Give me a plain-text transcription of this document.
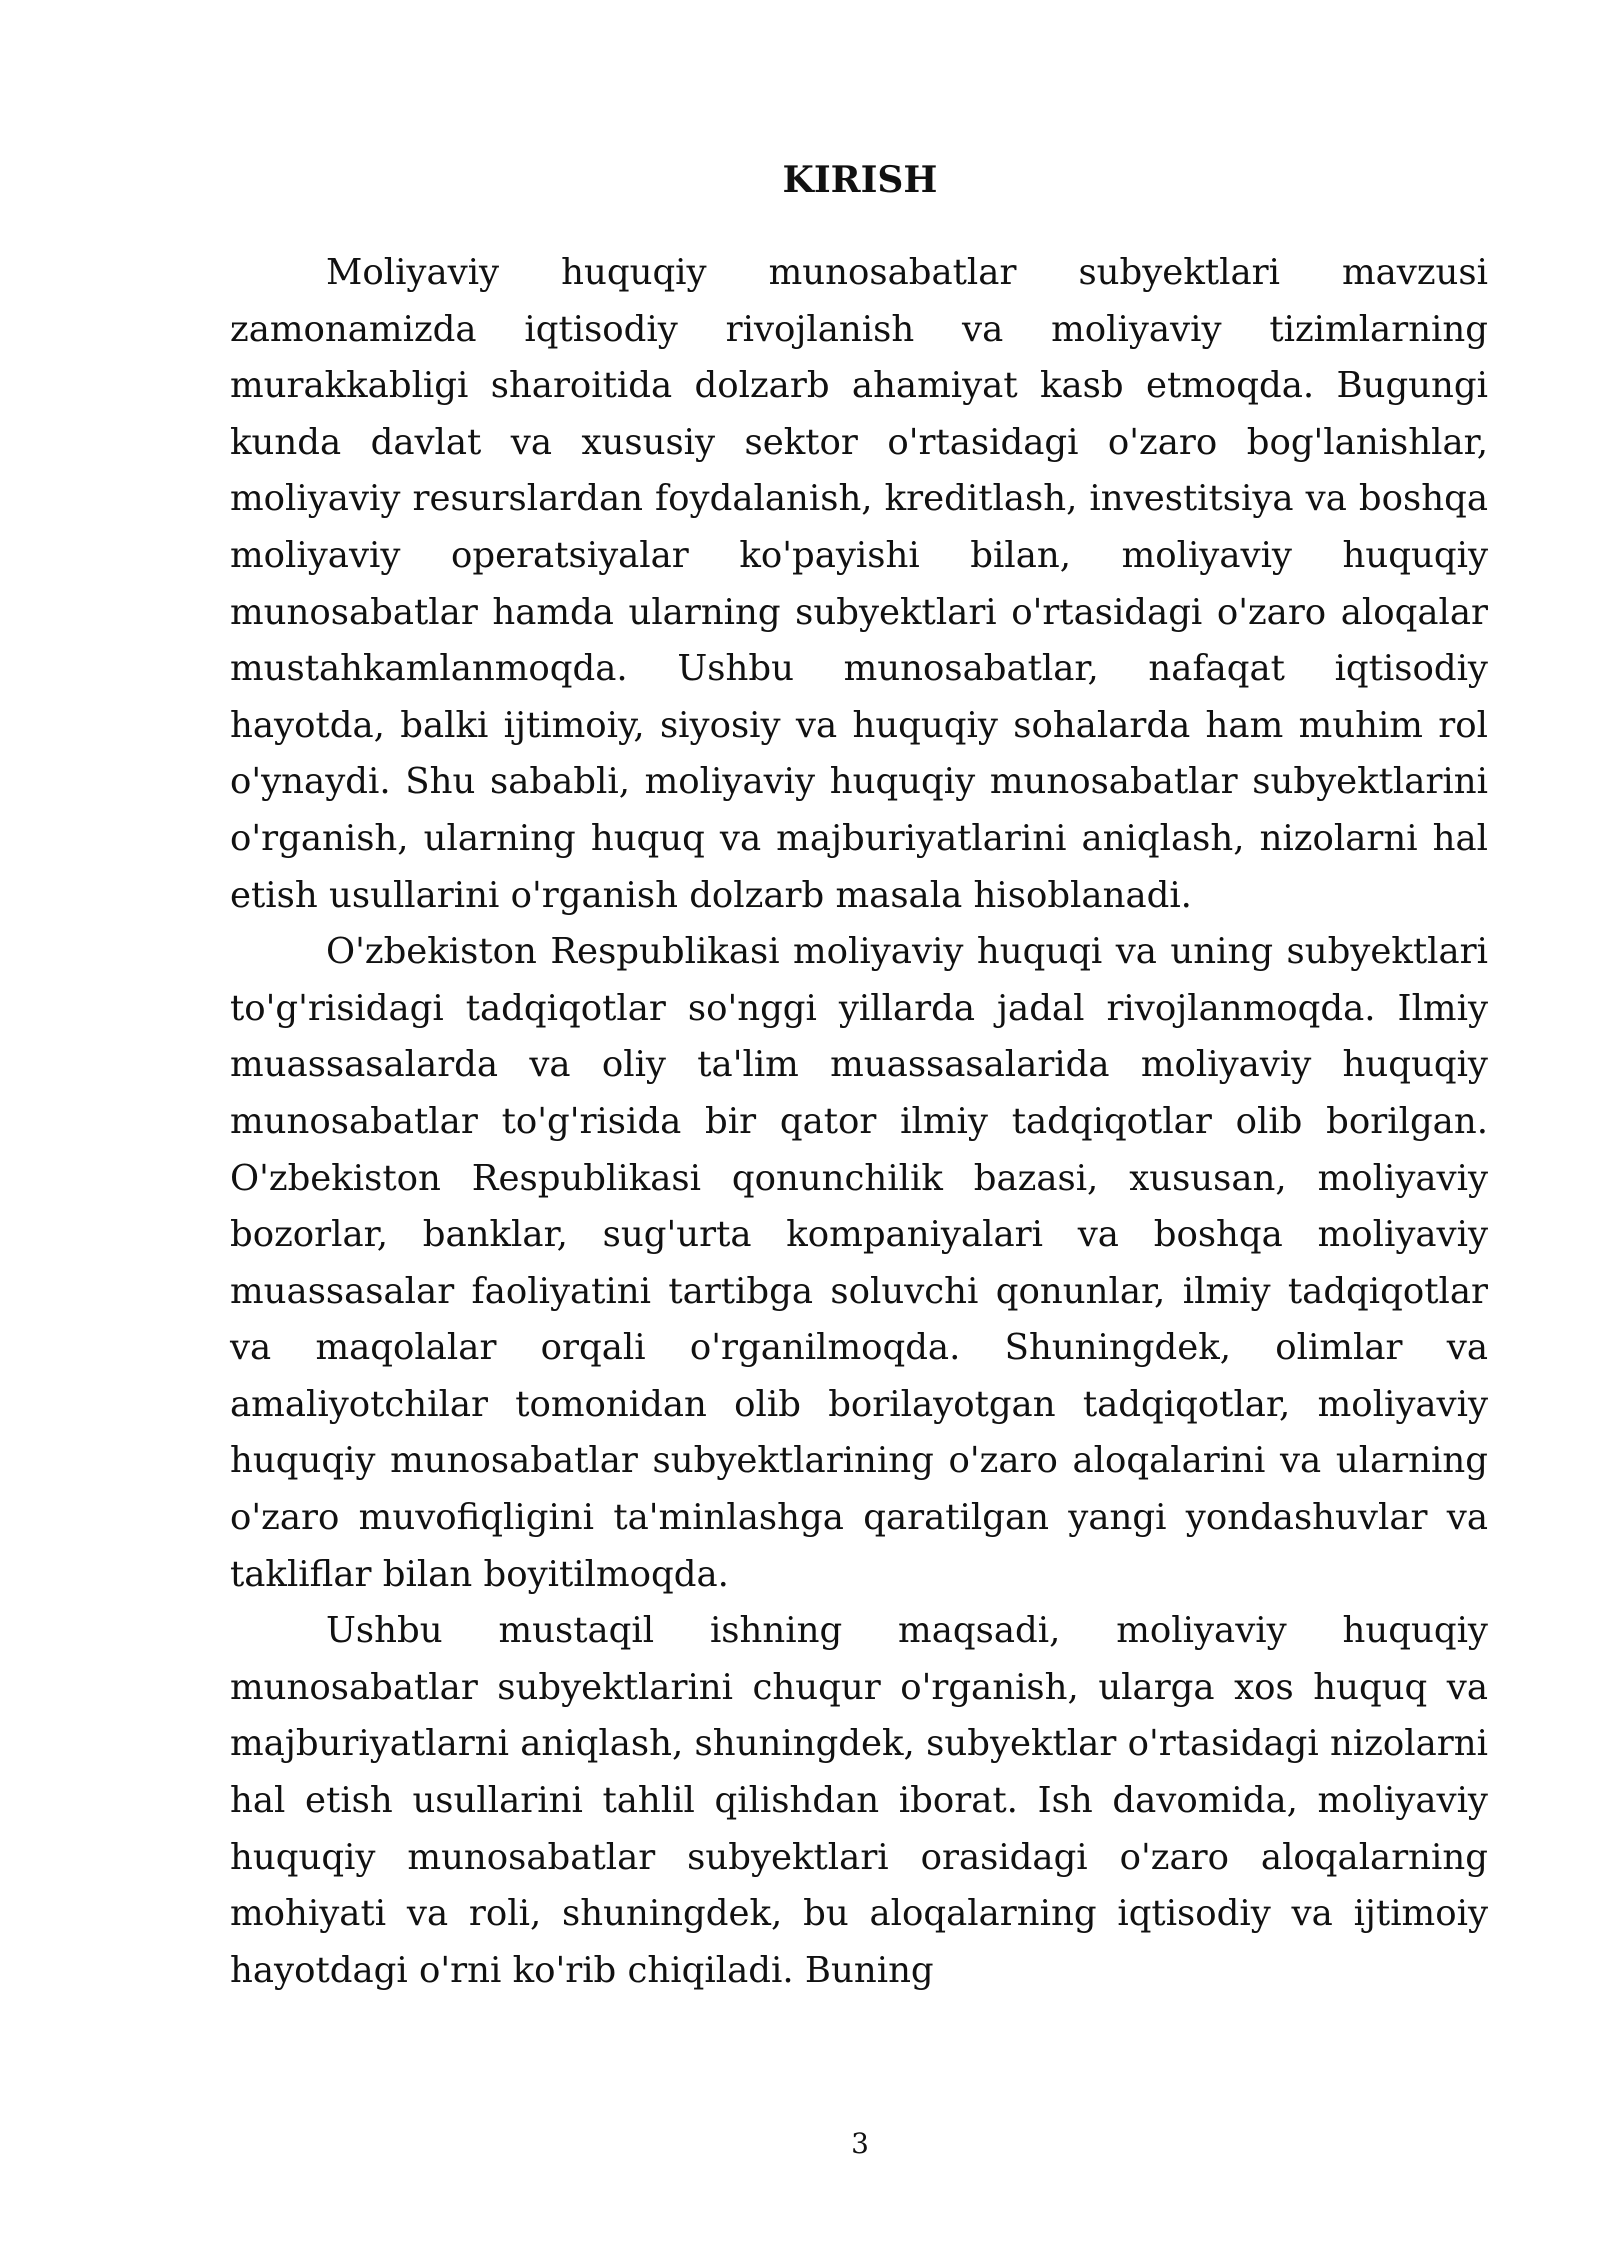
KIRISH

Moliyaviy huquqiy munosabatlar subyektlari mavzusi zamonamizda iqtisodiy rivojlanish va moliyaviy tizimlarning murakkabligi sharoitida dolzarb ahamiyat kasb etmoqda. Bugungi kunda davlat va xususiy sektor o'rtasidagi o'zaro bog'lanishlar, moliyaviy resurslardan foydalanish, kreditlash, investitsiya va boshqa moliyaviy operatsiyalar ko'payishi bilan, moliyaviy huquqiy munosabatlar hamda ularning subyektlari o'rtasidagi o'zaro aloqalar mustahkamlanmoqda. Ushbu munosabatlar, nafaqat iqtisodiy hayotda, balki ijtimoiy, siyosiy va huquqiy sohalarda ham muhim rol o'ynaydi. Shu sababli, moliyaviy huquqiy munosabatlar subyektlarini o'rganish, ularning huquq va majburiyatlarini aniqlash, nizolarni hal etish usullarini o'rganish dolzarb masala hisoblanadi.

O'zbekiston Respublikasi moliyaviy huquqi va uning subyektlari to'g'risidagi tadqiqotlar so'nggi yillarda jadal rivojlanmoqda. Ilmiy muassasalarda va oliy ta'lim muassasalarida moliyaviy huquqiy munosabatlar to'g'risida bir qator ilmiy tadqiqotlar olib borilgan. O'zbekiston Respublikasi qonunchilik bazasi, xususan, moliyaviy bozorlar, banklar, sug'urta kompaniyalari va boshqa moliyaviy muassasalar faoliyatini tartibga soluvchi qonunlar, ilmiy tadqiqotlar va maqolalar orqali o'rganilmoqda. Shuningdek, olimlar va amaliyotchilar tomonidan olib borilayotgan tadqiqotlar, moliyaviy huquqiy munosabatlar subyektlarining o'zaro aloqalarini va ularning o'zaro muvofiqligini ta'minlashga qaratilgan yangi yondashuvlar va takliflar bilan boyitilmoqda.

Ushbu mustaqil ishning maqsadi, moliyaviy huquqiy munosabatlar subyektlarini chuqur o'rganish, ularga xos huquq va majburiyatlarni aniqlash, shuningdek, subyektlar o'rtasidagi nizolarni hal etish usullarini tahlil qilishdan iborat. Ish davomida, moliyaviy huquqiy munosabatlar subyektlari orasidagi o'zaro aloqalarning mohiyati va roli, shuningdek, bu aloqalarning iqtisodiy va ijtimoiy hayotdagi o'rni ko'rib chiqiladi. Buning

3
